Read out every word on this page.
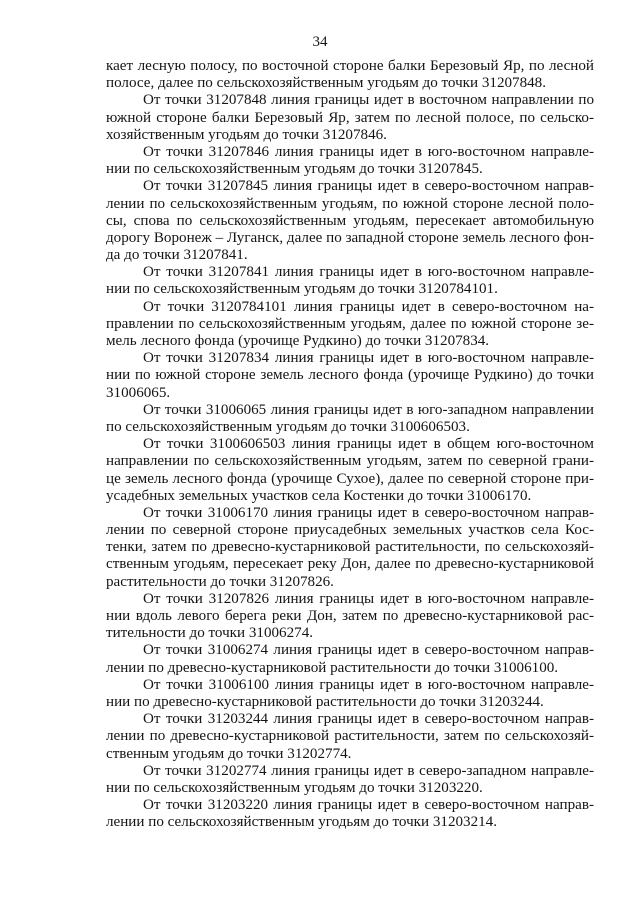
34
кает лесную полосу, по восточной стороне балки Березовый Яр, по лесной
полосе, далее по сельскохозяйственным угодьям до точки 31207848.
От точки 31207848 линия границы идет в восточном направлении по
южной стороне балки Березовый Яр, затем по лесной полосе, по сельско-
хозяйственным угодьям до точки 31207846.
От точки 31207846 линия границы идет в юго-восточном направле-
нии по сельскохозяйственным угодьям до точки 31207845.
От точки 31207845 линия границы идет в северо-восточном направ-
лении по сельскохозяйственным угодьям, по южной стороне лесной поло-
сы, спова по сельскохозяйственным угодьям, пересекает автомобильную
дорогу Воронеж – Луганск, далее по западной стороне земель лесного фон-
да до точки 31207841.
От точки 31207841 линия границы идет в юго-восточном направле-
нии по сельскохозяйственным угодьям до точки 3120784101.
От точки 3120784101 линия границы идет в северо-восточном на-
правлении по сельскохозяйственным угодьям, далее по южной стороне зе-
мель лесного фонда (урочище Рудкино) до точки 31207834.
От точки 31207834 линия границы идет в юго-восточном направле-
нии по южной стороне земель лесного фонда (урочище Рудкино) до точки
31006065.
От точки 31006065 линия границы идет в юго-западном направлении
по сельскохозяйственным угодьям до точки 3100606503.
От точки 3100606503 линия границы идет в общем юго-восточном
направлении по сельскохозяйственным угодьям, затем по северной грани-
це земель лесного фонда (урочище Сухое), далее по северной стороне при-
усадебных земельных участков села Костенки до точки 31006170.
От точки 31006170 линия границы идет в северо-восточном направ-
лении по северной стороне приусадебных земельных участков села Кос-
тенки, затем по древесно-кустарниковой растительности, по сельскохозяй-
ственным угодьям, пересекает реку Дон, далее по древесно-кустарниковой
растительности до точки 31207826.
От точки 31207826 линия границы идет в юго-восточном направле-
нии вдоль левого берега реки Дон, затем по древесно-кустарниковой рас-
тительности до точки 31006274.
От точки 31006274 линия границы идет в северо-восточном направ-
лении по древесно-кустарниковой растительности до точки 31006100.
От точки 31006100 линия границы идет в юго-восточном направле-
нии по древесно-кустарниковой растительности до точки 31203244.
От точки 31203244 линия границы идет в северо-восточном направ-
лении по древесно-кустарниковой растительности, затем по сельскохозяй-
ственным угодьям до точки 31202774.
От точки 31202774 линия границы идет в северо-западном направле-
нии по сельскохозяйственным угодьям до точки 31203220.
От точки 31203220 линия границы идет в северо-восточном направ-
лении по сельскохозяйственным угодьям до точки 31203214.
